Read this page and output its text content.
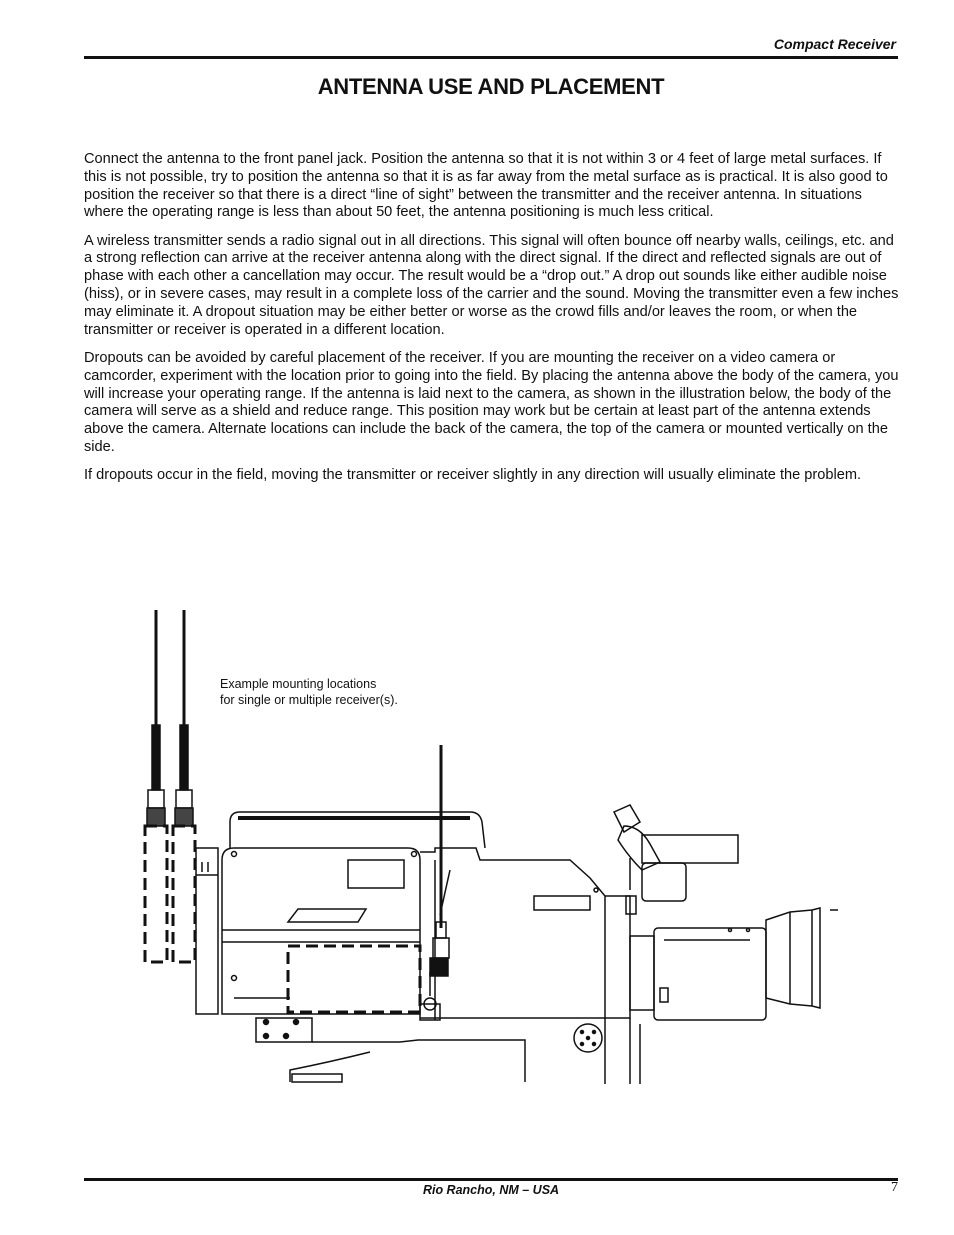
Compact Receiver
ANTENNA USE AND PLACEMENT

Connect the antenna to the front panel jack. Position the antenna so that it is not within 3 or 4 feet of large metal surfaces. If this is not possible, try to position the antenna so that it is as far away from the metal surface as is practical. It is also good to position the receiver so that there is a direct “line of sight” between the transmitter and the receiver antenna. In situations where the operating range is less than about 50 feet, the antenna positioning is much less critical.

A wireless transmitter sends a radio signal out in all directions. This signal will often bounce off nearby walls, ceilings, etc. and a strong reflection can arrive at the receiver antenna along with the direct signal. If the direct and reflected signals are out of phase with each other a cancellation may occur. The result would be a “drop out.” A drop out sounds like either audible noise (hiss), or in severe cases, may result in a complete loss of the carrier and the sound. Moving the transmitter even a few inches may eliminate it. A dropout situation may be either better or worse as the crowd fills and/or leaves the room, or when the transmitter or receiver is operated in a different location.

Dropouts can be avoided by careful placement of the receiver. If you are mounting the receiver on a video camera or camcorder, experiment with the location prior to going into the field. By placing the antenna above the body of the camera, you will increase your operating range. If the antenna is laid next to the camera, as shown in the illustration below, the body of the camera will serve as a shield and reduce range. This position may work but be certain at least part of the antenna extends above the camera. Alternate locations can include the back of the camera, the top of the camera or mounted vertically on the side.

If dropouts occur in the field, moving the transmitter or receiver slightly in any direction will usually eliminate the problem.

Example mounting locations
for single or multiple receiver(s).
Rio Rancho, NM – USA	7
